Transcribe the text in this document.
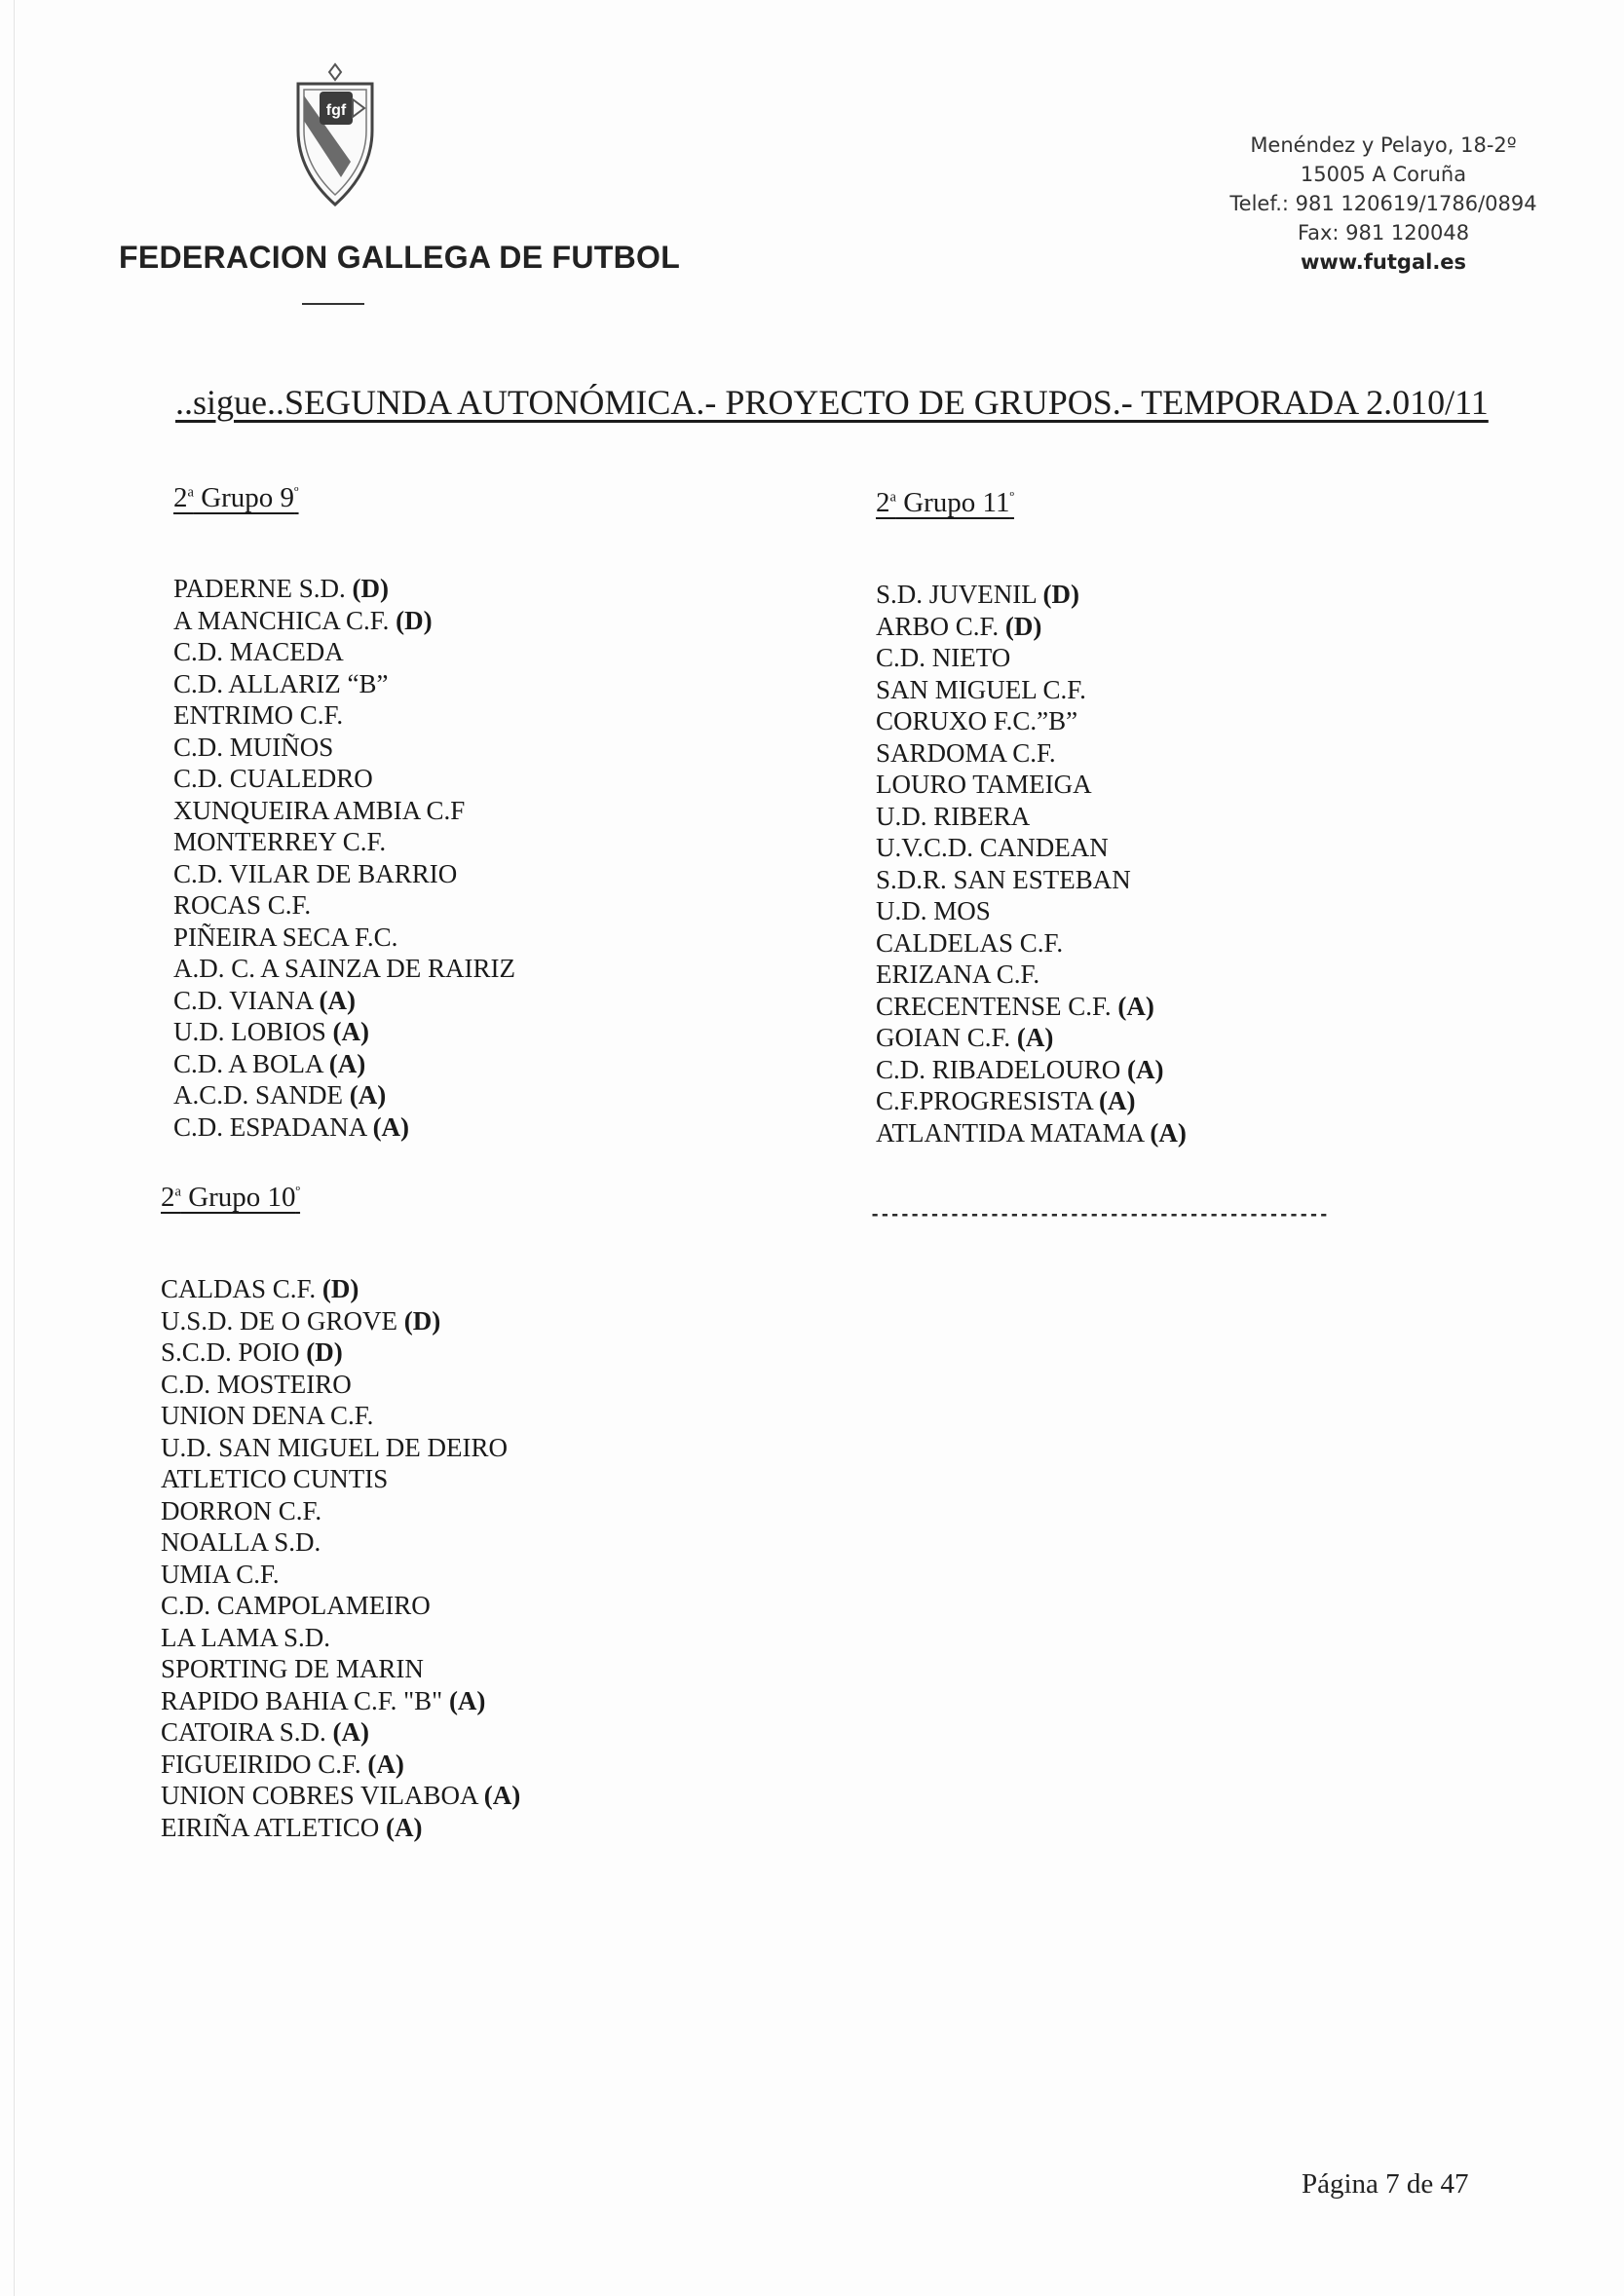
fgf
FEDERACION GALLEGA DE FUTBOL
Menéndez y Pelayo, 18-2º
15005 A Coruña
Telef.: 981 120619/1786/0894
Fax: 981 120048
www.futgal.es
..sigue..SEGUNDA AUTONÓMICA.- PROYECTO DE GRUPOS.- TEMPORADA 2.010/11
2$^a$ Grupo $9^º$
PADERNE S.D. (D)
A MANCHICA C.F. (D)
C.D. MACEDA
C.D. ALLARIZ “B”
ENTRIMO C.F.
C.D. MUIÑOS
C.D. CUALEDRO
XUNQUEIRA AMBIA C.F
MONTERREY C.F.
C.D. VILAR DE BARRIO
ROCAS C.F.
PIÑEIRA SECA F.C.
A.D. C. A SAINZA DE RAIRIZ
C.D. VIANA (A)
U.D. LOBIOS (A)
C.D. A BOLA (A)
A.C.D. SANDE (A)
C.D. ESPADANA (A)
2$^a$ Grupo $11^º$
S.D. JUVENIL (D)
ARBO C.F. (D)
C.D. NIETO
SAN MIGUEL C.F.
CORUXO F.C.”B”
SARDOMA C.F.
LOURO TAMEIGA
U.D. RIBERA
U.V.C.D. CANDEAN
S.D.R. SAN ESTEBAN
U.D. MOS
CALDELAS C.F.
ERIZANA C.F.
CRECENTENSE C.F. (A)
GOIAN C.F. (A)
C.D. RIBADELOURO (A)
C.F.PROGRESISTA (A)
ATLANTIDA MATAMA (A)
2$^a$ Grupo $10^º$
CALDAS C.F. (D)
U.S.D. DE O GROVE (D)
S.C.D. POIO (D)
C.D. MOSTEIRO
UNION DENA C.F.
U.D. SAN MIGUEL DE DEIRO
ATLETICO CUNTIS
DORRON C.F.
NOALLA S.D.
UMIA C.F.
C.D. CAMPOLAMEIRO
LA LAMA S.D.
SPORTING DE MARIN
RAPIDO BAHIA C.F. "B" (A)
CATOIRA S.D. (A)
FIGUEIRIDO C.F. (A)
UNION COBRES VILABOA (A)
EIRIÑA ATLETICO (A)
----------------------------------------------
Página 7 de 47
